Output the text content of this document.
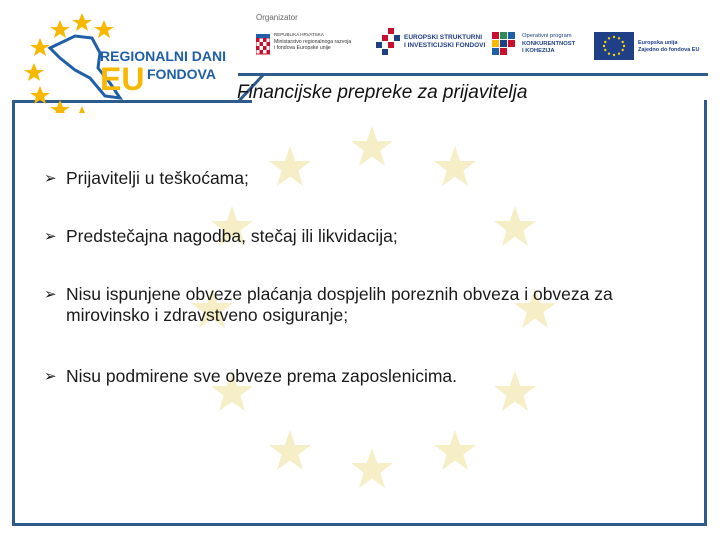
REGIONALNI DANI
EU FONDOVA
Organizator
REPUBLIKA HRVATSKA
Ministarstvo regionalnoga razvoja
i fondova Europske unije
EUROPSKI STRUKTURNI
I INVESTICIJSKI FONDOVI
Operativni program
KONKURENTNOST
I KOHEZIJA
Europska unija
Zajedno do fondova EU
Financijske prepreke za prijavitelja
➢ Prijavitelji u teškoćama;
➢ Predstečajna nagodba, stečaj ili likvidacija;
➢ Nisu ispunjene obveze plaćanja dospjelih poreznih obveza i obveza za mirovinsko i zdravstveno osiguranje;
➢ Nisu podmirene sve obveze prema zaposlenicima.
